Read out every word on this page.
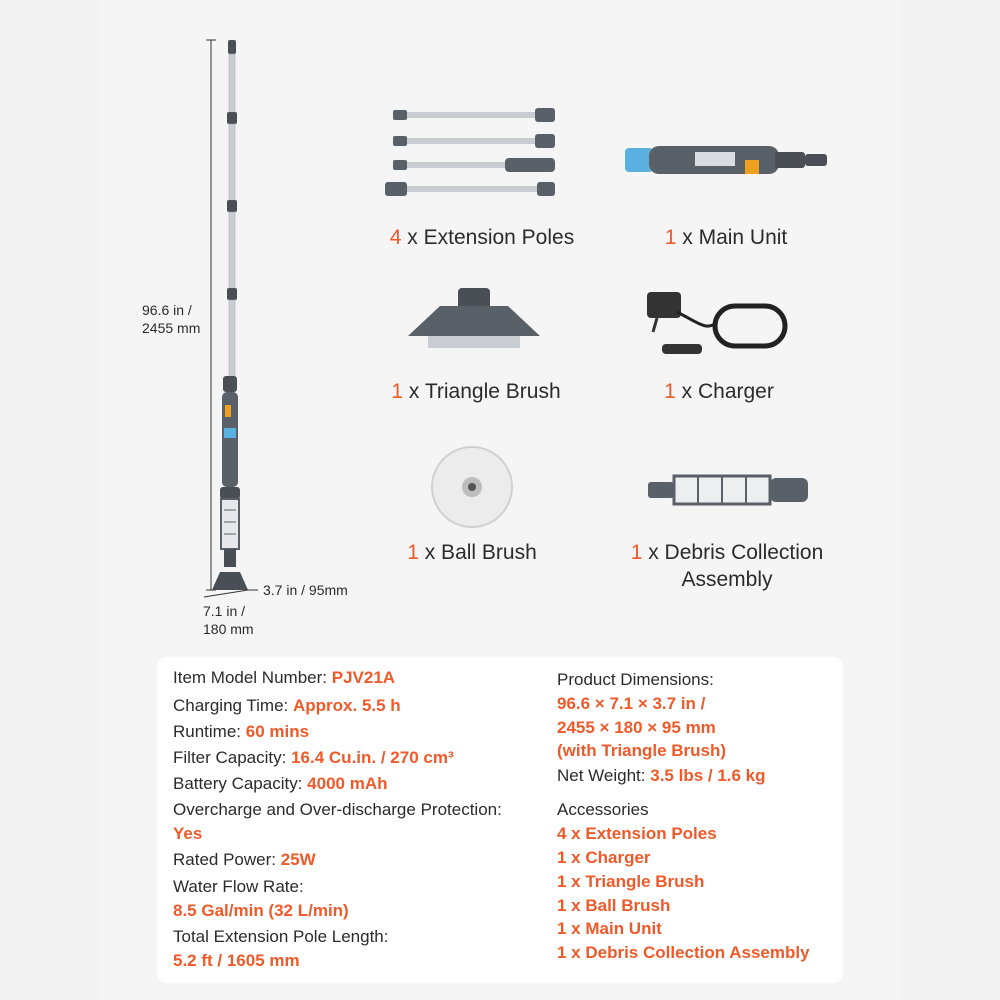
96.6 in /
2455 mm
3.7 in / 95mm
7.1 in /
180 mm
4 x Extension Poles	1 x Main Unit
1 x Triangle Brush	1 x Charger
1 x Ball Brush	1 x Debris Collection
Assembly
Item Model Number: PJV21A
Charging Time: Approx. 5.5 h
Runtime: 60 mins
Filter Capacity: 16.4 Cu.in. / 270 cm³
Battery Capacity: 4000 mAh
Overcharge and Over-discharge Protection:
Yes
Rated Power: 25W
Water Flow Rate:
8.5 Gal/min (32 L/min)
Total Extension Pole Length:
5.2 ft / 1605 mm
Product Dimensions:
96.6 × 7.1 × 3.7 in /
2455 × 180 × 95 mm
(with Triangle Brush)
Net Weight: 3.5 lbs / 1.6 kg
Accessories
4 x Extension Poles
1 x Charger
1 x Triangle Brush
1 x Ball Brush
1 x Main Unit
1 x Debris Collection Assembly
